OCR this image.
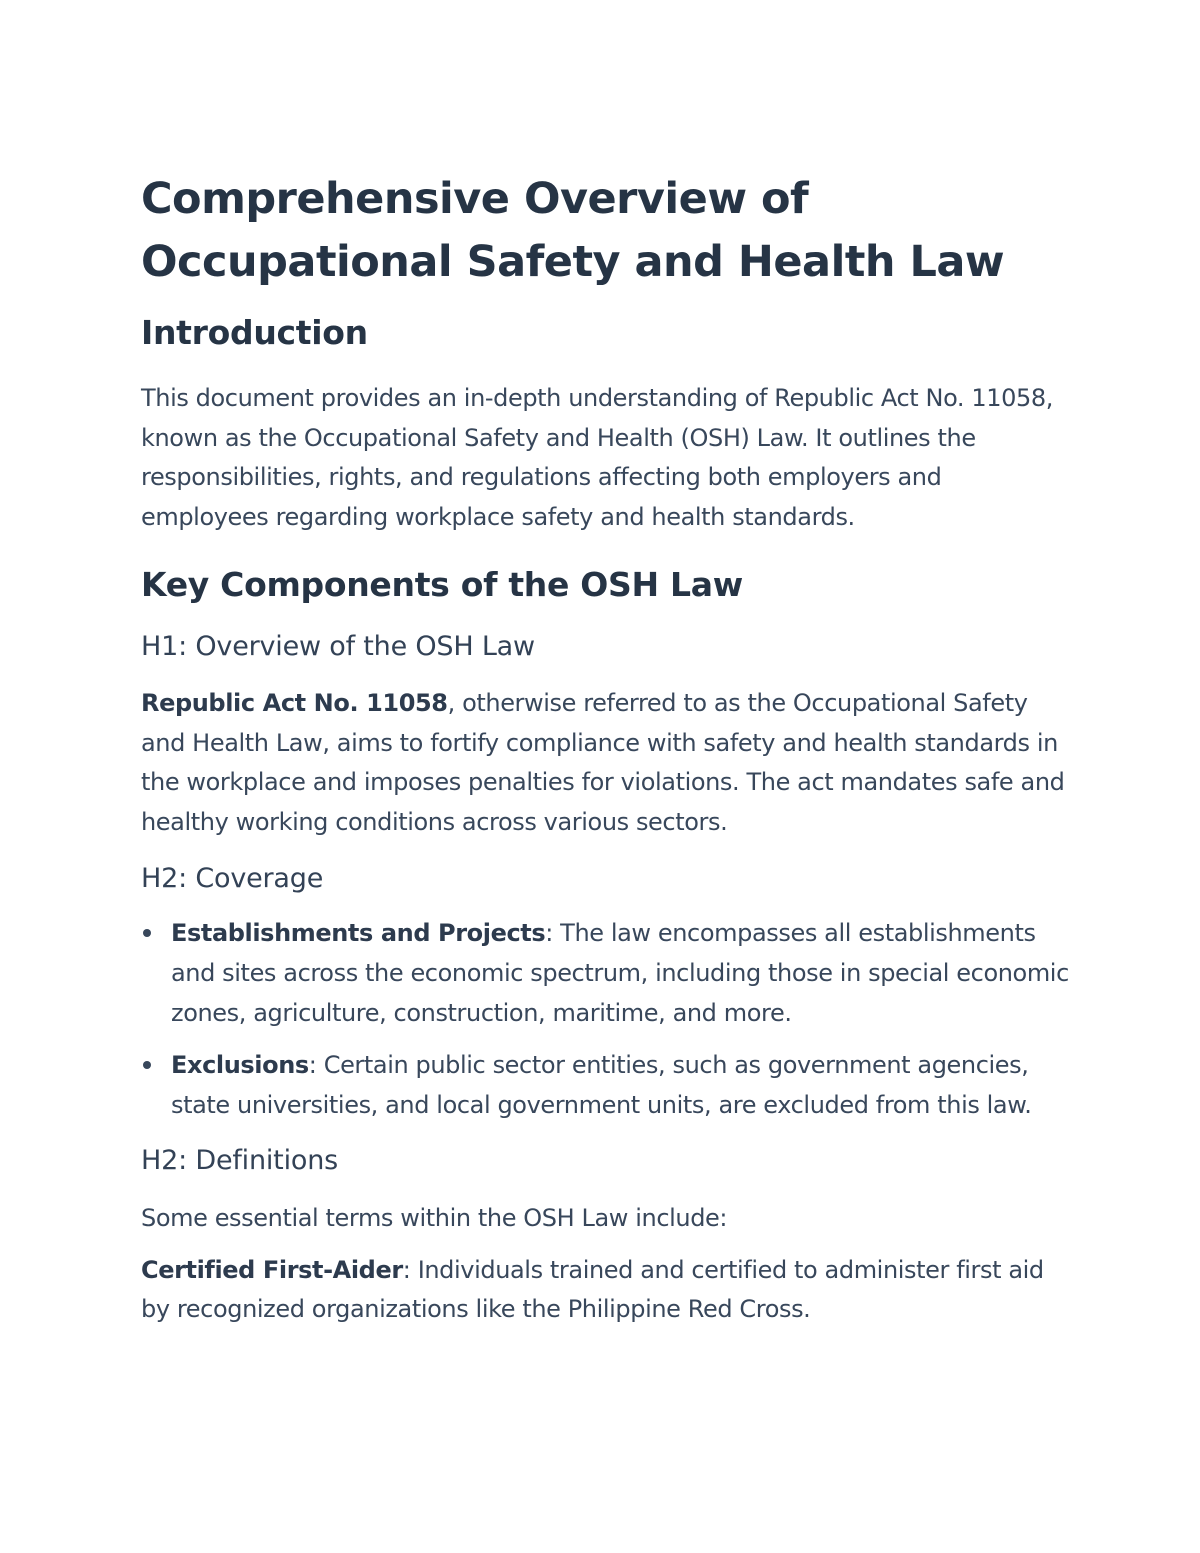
Comprehensive Overview of
Occupational Safety and Health Law
Introduction

This document provides an in-depth understanding of Republic Act No. 11058, known as the Occupational Safety and Health (OSH) Law. It outlines the responsibilities, rights, and regulations affecting both employers and employees regarding workplace safety and health standards.

Key Components of the OSH Law
H1: Overview of the OSH Law

Republic Act No. 11058, otherwise referred to as the Occupational Safety and Health Law, aims to fortify compliance with safety and health standards in the workplace and imposes penalties for violations. The act mandates safe and healthy working conditions across various sectors.

H2: Coverage
Establishments and Projects: The law encompasses all establishments and sites across the economic spectrum, including those in special economic zones, agriculture, construction, maritime, and more.
Exclusions: Certain public sector entities, such as government agencies, state universities, and local government units, are excluded from this law.
H2: Definitions

Some essential terms within the OSH Law include:

Certified First-Aider: Individuals trained and certified to administer first aid by recognized organizations like the Philippine Red Cross.
